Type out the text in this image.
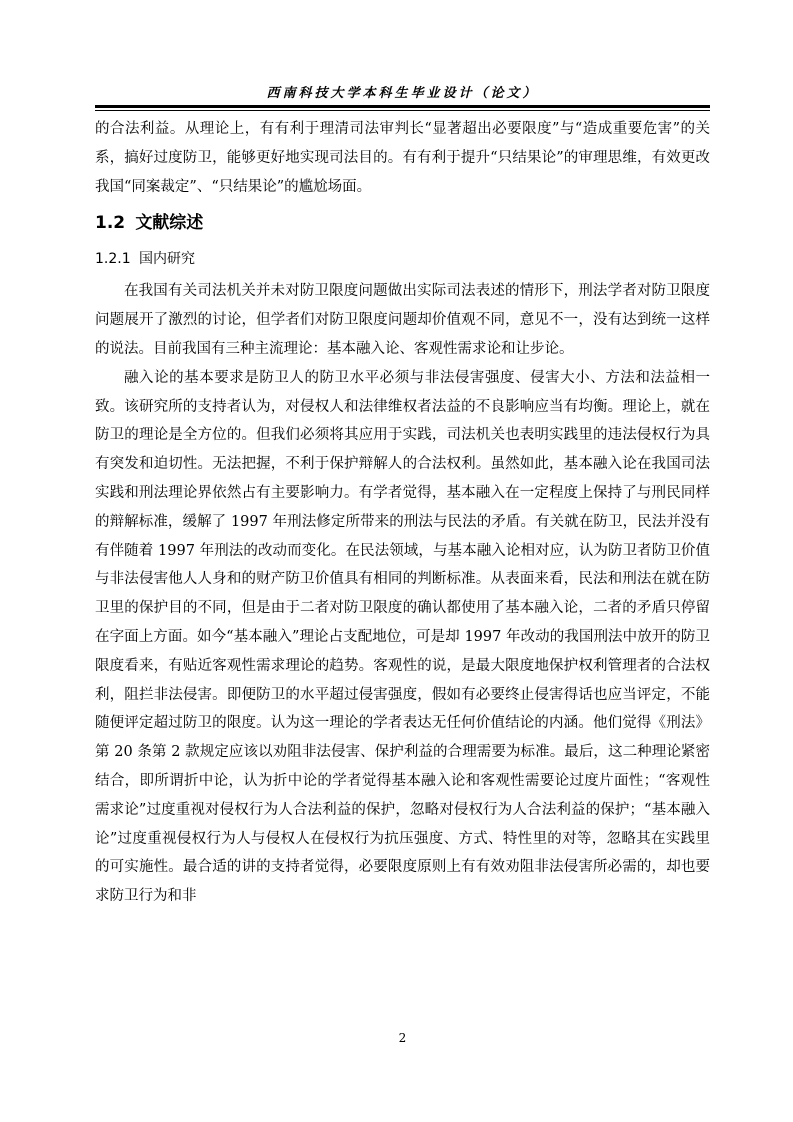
西南科技大学本科生毕业设计（论文）

的合法利益。从理论上，有有利于理清司法审判长“显著超出必要限度”与“造成重要危害”的关系，搞好过度防卫，能够更好地实现司法目的。有有利于提升“只结果论”的审理思维，有效更改我国“同案裁定”、“只结果论”的尴尬场面。

1.2 文献综述
1.2.1 国内研究

在我国有关司法机关并未对防卫限度问题做出实际司法表述的情形下，刑法学者对防卫限度问题展开了激烈的讨论，但学者们对防卫限度问题却价值观不同，意见不一，没有达到统一这样的说法。目前我国有三种主流理论：基本融入论、客观性需求论和让步论。

融入论的基本要求是防卫人的防卫水平必须与非法侵害强度、侵害大小、方法和法益相一致。该研究所的支持者认为，对侵权人和法律维权者法益的不良影响应当有均衡。理论上，就在防卫的理论是全方位的。但我们必须将其应用于实践，司法机关也表明实践里的违法侵权行为具有突发和迫切性。无法把握，不利于保护辩解人的合法权利。虽然如此，基本融入论在我国司法实践和刑法理论界依然占有主要影响力。有学者觉得，基本融入在一定程度上保持了与刑民同样的辩解标准，缓解了 1997 年刑法修定所带来的刑法与民法的矛盾。有关就在防卫，民法并没有有伴随着 1997 年刑法的改动而变化。在民法领域，与基本融入论相对应，认为防卫者防卫价值与非法侵害他人人身和的财产防卫价值具有相同的判断标准。从表面来看，民法和刑法在就在防卫里的保护目的不同，但是由于二者对防卫限度的确认都使用了基本融入论，二者的矛盾只停留在字面上方面。如今“基本融入”理论占支配地位，可是却 1997 年改动的我国刑法中放开的防卫限度看来，有贴近客观性需求理论的趋势。客观性的说，是最大限度地保护权利管理者的合法权利，阻拦非法侵害。即便防卫的水平超过侵害强度，假如有必要终止侵害得话也应当评定，不能随便评定超过防卫的限度。认为这一理论的学者表达无任何价值结论的内涵。他们觉得《刑法》第 20 条第 2 款规定应该以劝阻非法侵害、保护利益的合理需要为标准。最后，这二种理论紧密结合，即所谓折中论，认为折中论的学者觉得基本融入论和客观性需要论过度片面性；“客观性需求论”过度重视对侵权行为人合法利益的保护，忽略对侵权行为人合法利益的保护；“基本融入论”过度重视侵权行为人与侵权人在侵权行为抗压强度、方式、特性里的对等，忽略其在实践里的可实施性。最合适的讲的支持者觉得，必要限度原则上有有效劝阻非法侵害所必需的，却也要求防卫行为和非

2
